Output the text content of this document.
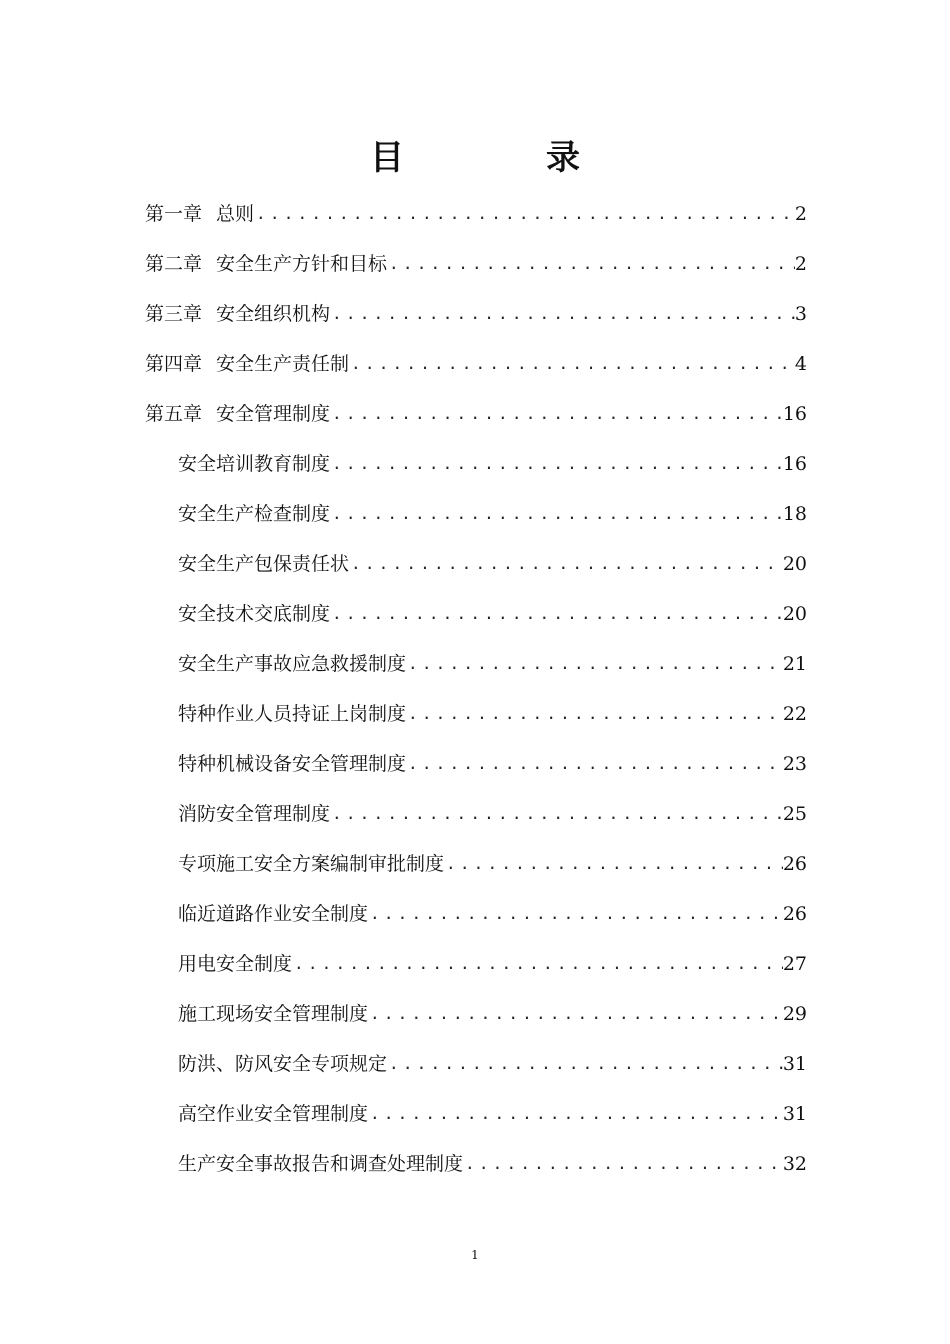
目　录
第一章 总则 .....	2
第二章 安全生产方针和目标 .....	2
第三章 安全组织机构 .....	3
第四章 安全生产责任制 .....	4
第五章 安全管理制度 .....	16
安全培训教育制度 .....	16
安全生产检查制度 .....	18
安全生产包保责任状 .....	20
安全技术交底制度 .....	20
安全生产事故应急救援制度 .....	21
特种作业人员持证上岗制度 .....	22
特种机械设备安全管理制度 .....	23
消防安全管理制度 .....	25
专项施工安全方案编制审批制度 .....	26
临近道路作业安全制度 .....	26
用电安全制度 .....	27
施工现场安全管理制度 .....	29
防洪、防风安全专项规定 .....	31
高空作业安全管理制度 .....	31
生产安全事故报告和调查处理制度 .....	32
1
